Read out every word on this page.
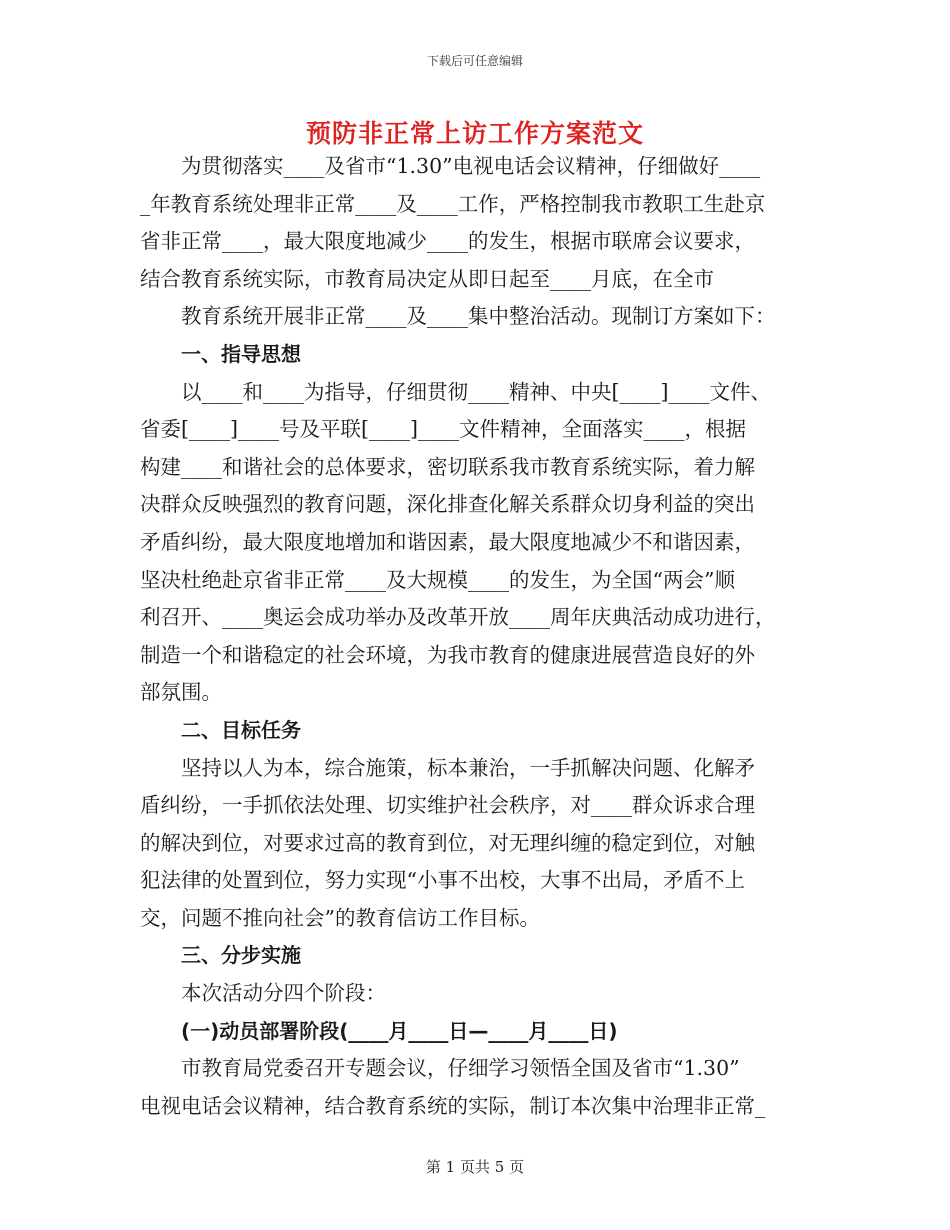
下载后可任意编辑
预防非正常上访工作方案范文

为贯彻落实____及省市“1.30”电视电话会议精神，仔细做好____
_年教育系统处理非正常____及____工作，严格控制我市教职工生赴京
省非正常____，最大限度地减少____的发生，根据市联席会议要求，
结合教育系统实际，市教育局决定从即日起至____月底，在全市

教育系统开展非正常____及____集中整治活动。现制订方案如下：

一、指导思想

以____和____为指导，仔细贯彻____精神、中央[____]____文件、
省委[____]____号及平联[____]____文件精神，全面落实____，根据
构建____和谐社会的总体要求，密切联系我市教育系统实际，着力解
决群众反映强烈的教育问题，深化排查化解关系群众切身利益的突出
矛盾纠纷，最大限度地增加和谐因素，最大限度地减少不和谐因素，
坚决杜绝赴京省非正常____及大规模____的发生，为全国“两会”顺
利召开、____奥运会成功举办及改革开放____周年庆典活动成功进行，
制造一个和谐稳定的社会环境，为我市教育的健康进展营造良好的外
部氛围。

二、目标任务

坚持以人为本，综合施策，标本兼治，一手抓解决问题、化解矛
盾纠纷，一手抓依法处理、切实维护社会秩序，对____群众诉求合理
的解决到位，对要求过高的教育到位，对无理纠缠的稳定到位，对触
犯法律的处置到位，努力实现“小事不出校，大事不出局，矛盾不上
交，问题不推向社会”的教育信访工作目标。

三、分步实施

本次活动分四个阶段：

(一)动员部署阶段(____月____日—____月____日)

市教育局党委召开专题会议，仔细学习领悟全国及省市“1.30”
电视电话会议精神，结合教育系统的实际，制订本次集中治理非正常_

第 1 页共 5 页
